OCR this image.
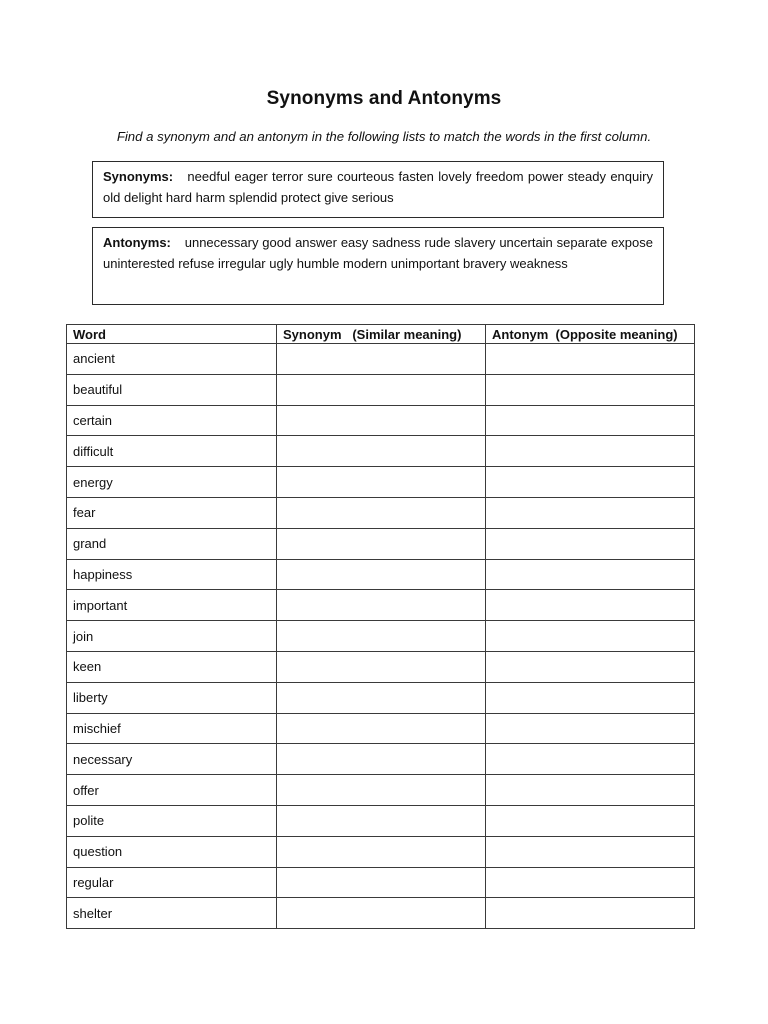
Synonyms and Antonyms
Find a synonym and an antonym in the following lists to match the words in the first column.
Synonyms: needful eager terror sure courteous fasten lovely freedom power steady enquiry old delight hard harm splendid protect give serious
Antonyms: unnecessary good answer easy sadness rude slavery uncertain separate expose uninterested refuse irregular ugly humble modern unimportant bravery weakness
Word	Synonym   (Similar meaning)	Antonym  (Opposite meaning)
ancient		
beautiful		
certain		
difficult		
energy		
fear		
grand		
happiness		
important		
join		
keen		
liberty		
mischief		
necessary		
offer		
polite		
question		
regular		
shelter		
